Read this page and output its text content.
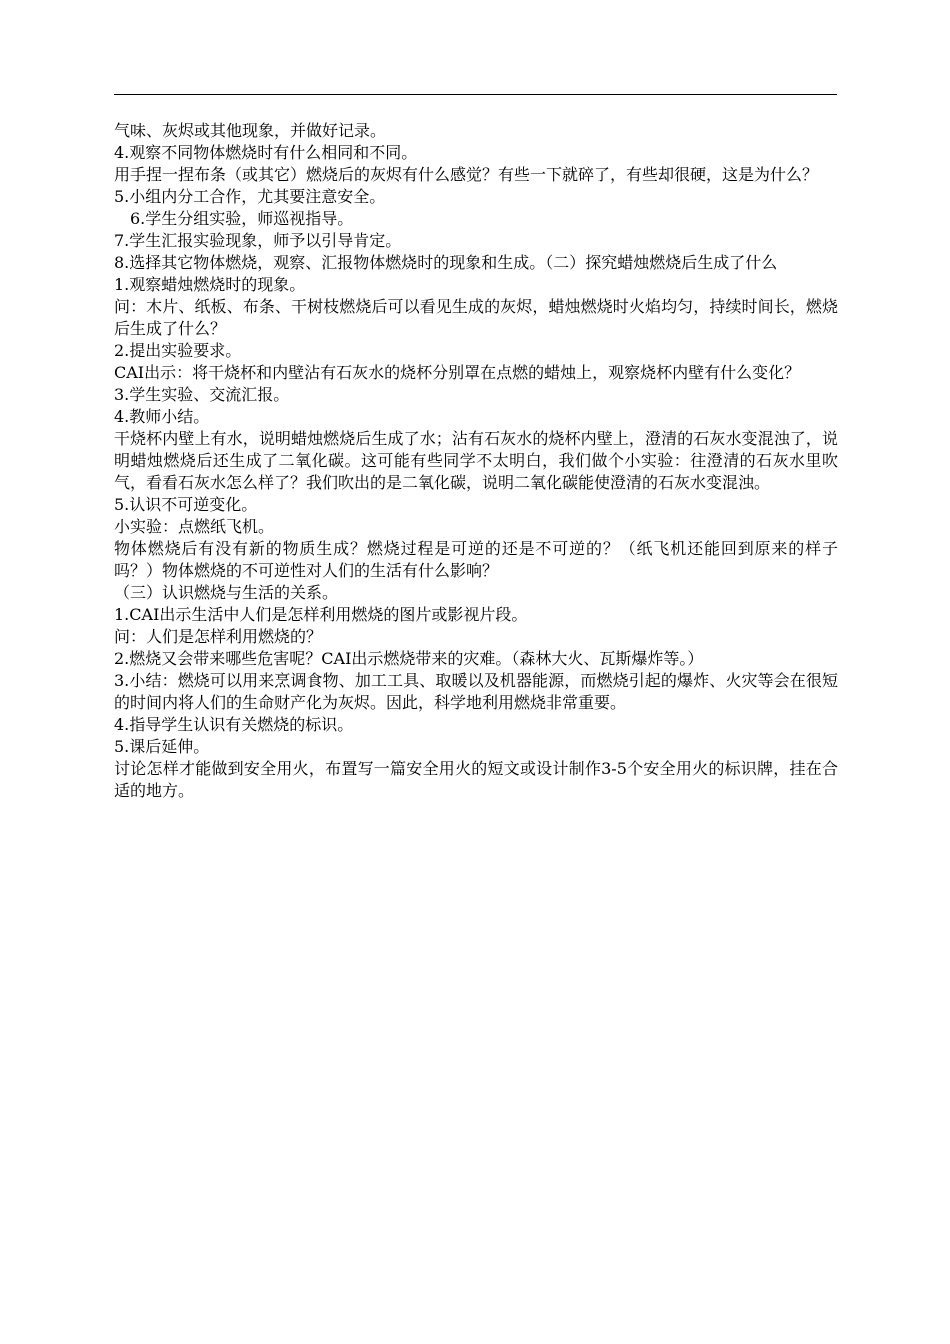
气味、灰烬或其他现象，并做好记录。

4.观察不同物体燃烧时有什么相同和不同。

用手捏一捏布条（或其它）燃烧后的灰烬有什么感觉？有些一下就碎了，有些却很硬，这是为什么？

5.小组内分工合作，尤其要注意安全。

6.学生分组实验，师巡视指导。

7.学生汇报实验现象，师予以引导肯定。

8.选择其它物体燃烧，观察、汇报物体燃烧时的现象和生成。（二）探究蜡烛燃烧后生成了什么

1.观察蜡烛燃烧时的现象。

问：木片、纸板、布条、干树枝燃烧后可以看见生成的灰烬，蜡烛燃烧时火焰均匀，持续时间长，燃烧后生成了什么？

2.提出实验要求。

CAI出示：将干烧杯和内壁沾有石灰水的烧杯分别罩在点燃的蜡烛上，观察烧杯内壁有什么变化？

3.学生实验、交流汇报。

4.教师小结。

干烧杯内壁上有水，说明蜡烛燃烧后生成了水；沾有石灰水的烧杯内壁上，澄清的石灰水变混浊了，说明蜡烛燃烧后还生成了二氧化碳。这可能有些同学不太明白，我们做个小实验：往澄清的石灰水里吹气，看看石灰水怎么样了？我们吹出的是二氧化碳，说明二氧化碳能使澄清的石灰水变混浊。

5.认识不可逆变化。

小实验：点燃纸飞机。

物体燃烧后有没有新的物质生成？燃烧过程是可逆的还是不可逆的？（纸飞机还能回到原来的样子吗？）物体燃烧的不可逆性对人们的生活有什么影响？

（三）认识燃烧与生活的关系。

1.CAI出示生活中人们是怎样利用燃烧的图片或影视片段。

问：人们是怎样利用燃烧的？

2.燃烧又会带来哪些危害呢？CAI出示燃烧带来的灾难。（森林大火、瓦斯爆炸等。）

3.小结：燃烧可以用来烹调食物、加工工具、取暖以及机器能源，而燃烧引起的爆炸、火灾等会在很短的时间内将人们的生命财产化为灰烬。因此，科学地利用燃烧非常重要。

4.指导学生认识有关燃烧的标识。

5.课后延伸。

讨论怎样才能做到安全用火，布置写一篇安全用火的短文或设计制作3-5个安全用火的标识牌，挂在合适的地方。
